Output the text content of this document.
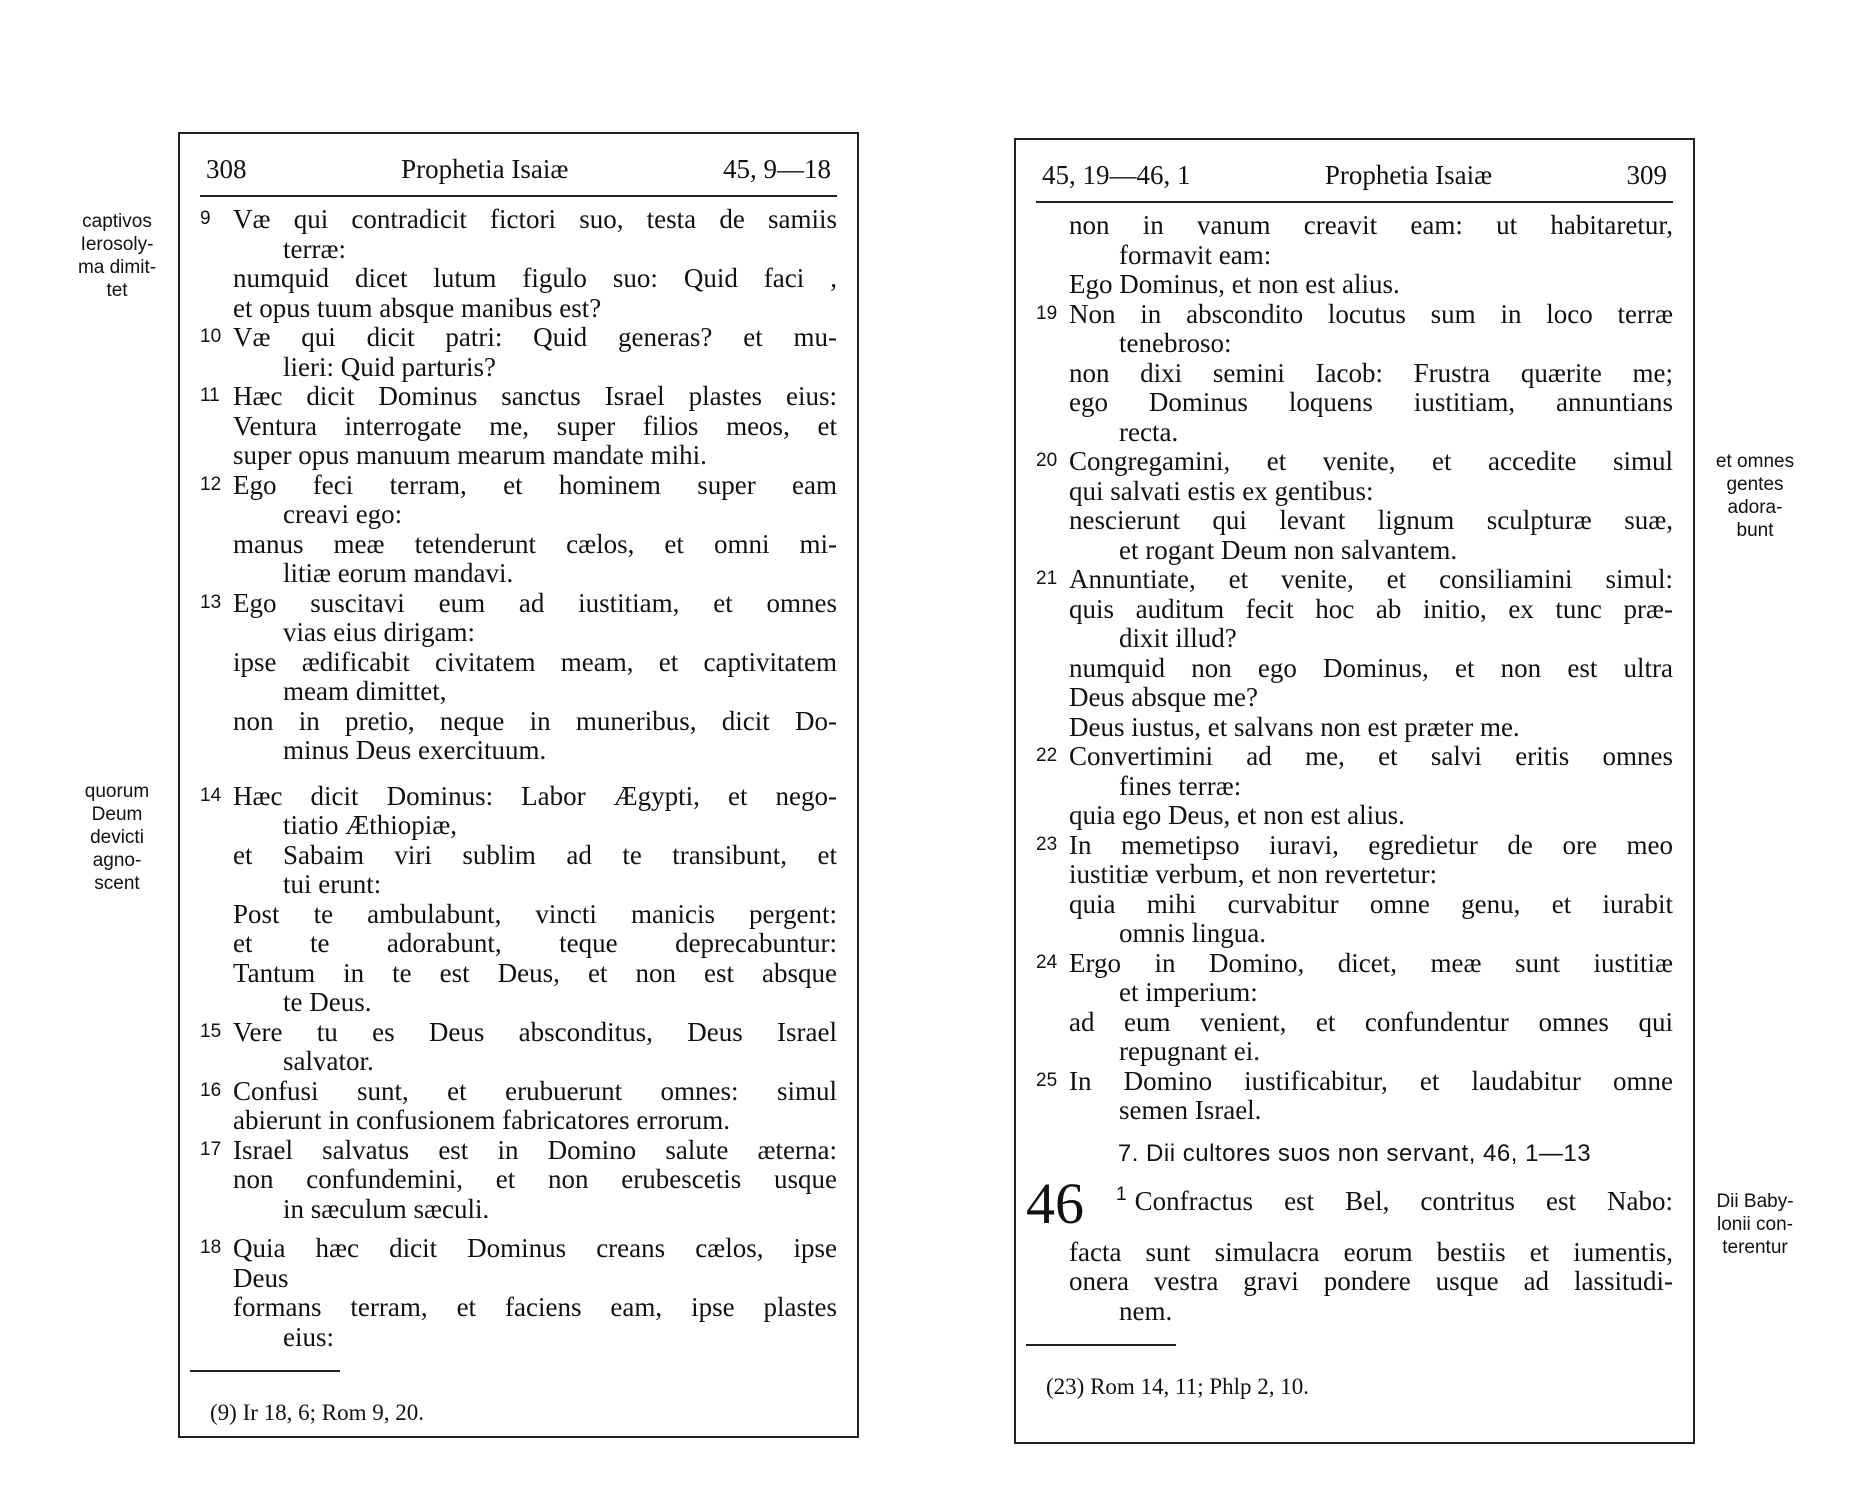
captivos
Ierosoly-
ma dimit-
tet
quorum
Deum
devicti
agno-
scent
et omnes
gentes
adora-
bunt
Dii Baby-
lonii con-
terentur
308	Prophetia Isaiæ	45, 9—18
9 Væ qui contradicit fictori suo, testa de samiis
terræ:
numquid dicet lutum figulo suo: Quid faci ,
et opus tuum absque manibus est?
10 Væ qui dicit patri: Quid generas? et mu-
lieri: Quid parturis?
11 Hæc dicit Dominus sanctus Israel plastes eius:
Ventura interrogate me, super filios meos, et
super opus manuum mearum mandate mihi.
12 Ego feci terram, et hominem super eam
creavi ego:
manus meæ tetenderunt cælos, et omni mi-
litiæ eorum mandavi.
13 Ego suscitavi eum ad iustitiam, et omnes
vias eius dirigam:
ipse ædificabit civitatem meam, et captivitatem
meam dimittet,
non in pretio, neque in muneribus, dicit Do-
minus Deus exercituum.
14 Hæc dicit Dominus: Labor Ægypti, et nego-
tiatio Æthiopiæ,
et Sabaim viri sublim ad te transibunt, et
tui erunt:
Post te ambulabunt, vincti manicis pergent:
et te adorabunt, teque deprecabuntur:
Tantum in te est Deus, et non est absque
te Deus.
15 Vere tu es Deus absconditus, Deus Israel
salvator.
16 Confusi sunt, et erubuerunt omnes: simul
abierunt in confusionem fabricatores errorum.
17 Israel salvatus est in Domino salute æterna:
non confundemini, et non erubescetis usque
in sæculum sæculi.
18 Quia hæc dicit Dominus creans cælos, ipse
Deus
formans terram, et faciens eam, ipse plastes
eius:
(9) Ir 18, 6; Rom 9, 20.
45, 19—46, 1	Prophetia Isaiæ	309
non in vanum creavit eam: ut habitaretur,
formavit eam:
Ego Dominus, et non est alius.
19 Non in abscondito locutus sum in loco terræ
tenebroso:
non dixi semini Iacob: Frustra quærite me;
ego Dominus loquens iustitiam, annuntians
recta.
20 Congregamini, et venite, et accedite simul
qui salvati estis ex gentibus:
nescierunt qui levant lignum sculpturæ suæ,
et rogant Deum non salvantem.
21 Annuntiate, et venite, et consiliamini simul:
quis auditum fecit hoc ab initio, ex tunc præ-
dixit illud?
numquid non ego Dominus, et non est ultra
Deus absque me?
Deus iustus, et salvans non est præter me.
22 Convertimini ad me, et salvi eritis omnes
fines terræ:
quia ego Deus, et non est alius.
23 In memetipso iuravi, egredietur de ore meo
iustitiæ verbum, et non revertetur:
quia mihi curvabitur omne genu, et iurabit
omnis lingua.
24 Ergo in Domino, dicet, meæ sunt iustitiæ
et imperium:
ad eum venient, et confundentur omnes qui
repugnant ei.
25 In Domino iustificabitur, et laudabitur omne
semen Israel.
7. Dii cultores suos non servant, 46, 1—13
46 $^1$ Confractus est Bel, contritus est Nabo:
facta sunt simulacra eorum bestiis et iumentis,
onera vestra gravi pondere usque ad lassitudi-
nem.
(23) Rom 14, 11; Phlp 2, 10.
